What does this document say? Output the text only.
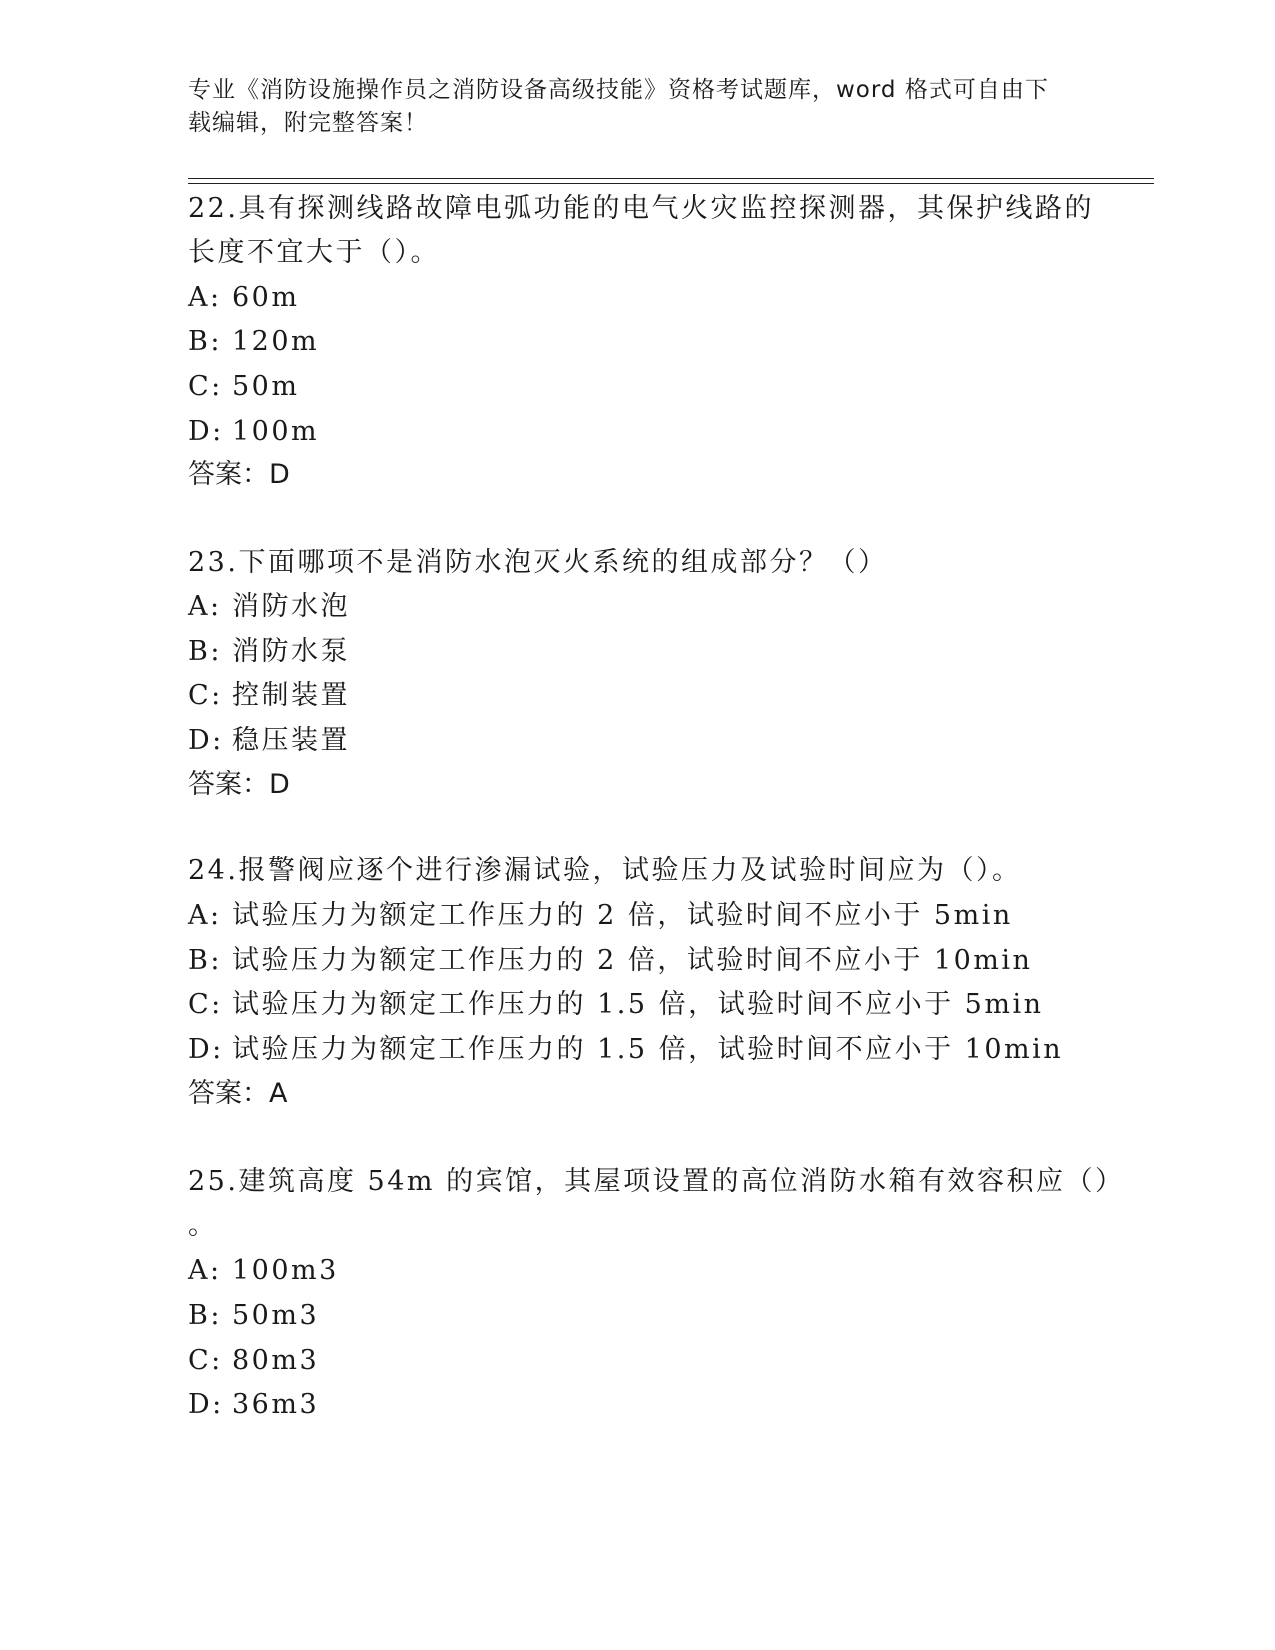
专业《消防设施操作员之消防设备高级技能》资格考试题库，word 格式可自由下
载编辑，附完整答案！
22.具有探测线路故障电弧功能的电气火灾监控探测器，其保护线路的
长度不宜大于（）。
A: 60m
B: 120m
C: 50m
D: 100m
答案：D
23.下面哪项不是消防水泡灭火系统的组成部分？（）
A: 消防水泡
B: 消防水泵
C: 控制装置
D: 稳压装置
答案：D
24.报警阀应逐个进行渗漏试验，试验压力及试验时间应为（）。
A: 试验压力为额定工作压力的 2 倍，试验时间不应小于 5min
B: 试验压力为额定工作压力的 2 倍，试验时间不应小于 10min
C: 试验压力为额定工作压力的 1.5 倍，试验时间不应小于 5min
D: 试验压力为额定工作压力的 1.5 倍，试验时间不应小于 10min
答案：A
25.建筑高度 54m 的宾馆，其屋项设置的高位消防水箱有效容积应（）
。
A: 100m3
B: 50m3
C: 80m3
D: 36m3
